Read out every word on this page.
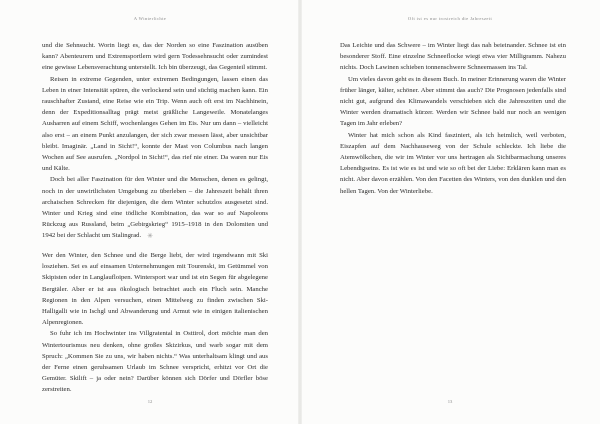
A Winterlichte

und die Sehnsucht. Worin liegt es, das der Norden so eine Faszination ausüben kann? Abenteurern und Extremsportlern wird gern Todessehnsucht oder zumindest eine gewisse Lebensverachtung unterstellt. Ich bin überzeugt, das Gegenteil stimmt.

Reisen in extreme Gegenden, unter extremen Bedingungen, lassen einen das Leben in einer Intensität spüren, die verlockend sein und süchtig machen kann. Ein rauschhafter Zustand, eine Reise wie ein Trip. Wenn auch oft erst im Nachhinein, denn der Expeditionsalltag prägt meist gräßliche Langeweile. Monatelanges Ausharren auf einem Schiff, wochenlanges Gehen im Eis. Nur um dann – vielleicht also erst – an einem Punkt anzulangen, der sich zwar messen lässt, aber unsichtbar bleibt. Imaginär. „Land in Sicht!“, konnte der Mast von Columbus nach langen Wochen auf See ausrufen. „Nordpol in Sicht!“, das rief nie einer. Da waren nur Eis und Kälte.

Doch bei aller Faszination für den Winter und die Menschen, denen es gelingt, noch in der unwirtlichsten Umgebung zu überleben – die Jahreszeit behält ihren archaischen Schrecken für diejenigen, die dem Winter schutzlos ausgesetzt sind. Winter und Krieg sind eine tödliche Kombination, das war so auf Napoleons Rückzug aus Russland, beim „Gebirgskrieg“ 1915–1918 in den Dolomiten und 1942 bei der Schlacht um Stalingrad. ✳

Wer den Winter, den Schnee und die Berge liebt, der wird irgendwann mit Ski losziehen. Sei es auf einsamen Unternehmungen mit Tourenski, im Getümmel von Skipisten oder in Langlaufloipen. Wintersport war und ist ein Segen für abgelegene Bergtäler. Aber er ist aus ökologisch betrachtet auch ein Fluch sein. Manche Regionen in den Alpen versuchen, einen Mittelweg zu finden zwischen Ski-Halligalli wie in Ischgl und Abwanderung und Armut wie in einigen italienischen Alpenregionen.

So fuhr ich im Hochwinter ins Villgratental in Osttirol, dort möchte man den Wintertourismus neu denken, ohne großes Skizirkus, und warb sogar mit dem Spruch: „Kommen Sie zu uns, wir haben nichts.“ Was unterhaltsam klingt und aus der Ferne einen geruhsamen Urlaub im Schnee verspricht, erhitzt vor Ort die Gemüter. Skilift – ja oder nein? Darüber können sich Dörfer und Dörfler böse zerstreiten.

12
Oft ist es nur trostreich die Jahreszeit

Das Leichte und das Schwere – im Winter liegt das nah beieinander. Schnee ist ein besonderer Stoff. Eine einzelne Schneeflocke wiegt etwa vier Milligramm. Nahezu nichts. Doch Lawinen schieben tonnenschwere Schneemassen ins Tal.

Um vieles davon geht es in diesem Buch. In meiner Erinnerung waren die Winter früher länger, kälter, schöner. Aber stimmt das auch? Die Prognosen jedenfalls sind nicht gut, aufgrund des Klimawandels verschieben sich die Jahreszeiten und die Winter werden dramatisch kürzer. Werden wir Schnee bald nur noch an wenigen Tagen im Jahr erleben?

Winter hat mich schon als Kind fasziniert, als ich heimlich, weil verboten, Eiszapfen auf dem Nachhauseweg von der Schule schleckte. Ich liebe die Atemwölkchen, die wir im Winter vor uns hertragen als Sichtbarmachung unseres Lebendigseins. Es ist wie es ist und wie so oft bei der Liebe: Erklären kann man es nicht. Aber davon erzählen. Von den Facetten des Winters, von den dunklen und den hellen Tagen. Von der Winterliebe.

13
